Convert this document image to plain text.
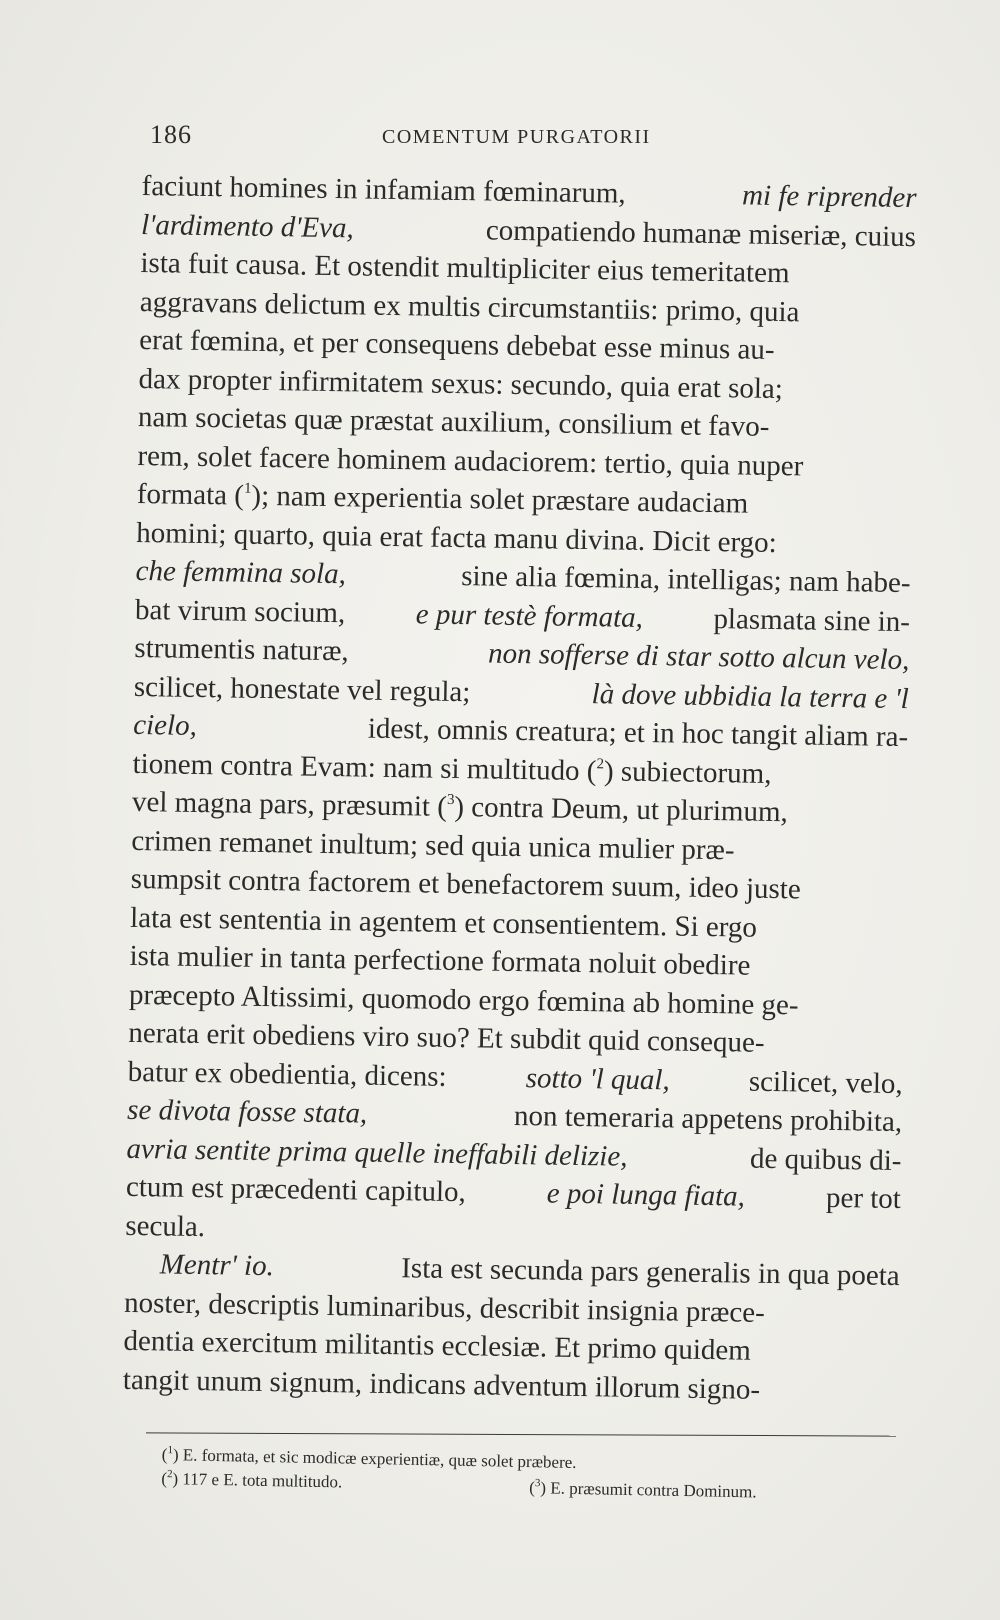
186	COMENTUM PURGATORII
faciunt homines in infamiam fœminarum,	mi fe riprender
l'ardimento d'Eva,	compatiendo humanæ miseriæ, cuius
ista fuit causa. Et ostendit multipliciter eius temeritatem
aggravans delictum ex multis circumstantiis: primo, quia
erat fœmina, et per consequens debebat esse minus au-
dax propter infirmitatem sexus: secundo, quia erat sola;
nam societas quæ præstat auxilium, consilium et favo-
rem, solet facere hominem audaciorem: tertio, quia nuper
formata ($^1$); nam experientia solet præstare audaciam
homini; quarto, quia erat facta manu divina. Dicit ergo:
che femmina sola,	sine alia fœmina, intelligas; nam habe-
bat virum socium, e pur testè formata, plasmata sine in-
strumentis naturæ,	non sofferse di star sotto alcun velo,
scilicet, honestate vel regula;	là dove ubbidia la terra e 'l
cielo,	idest, omnis creatura; et in hoc tangit aliam ra-
tionem contra Evam: nam si multitudo ($^2$) subiectorum,
vel magna pars, præsumit ($^3$) contra Deum, ut plurimum,
crimen remanet inultum; sed quia unica mulier præ-
sumpsit contra factorem et benefactorem suum, ideo juste
lata est sententia in agentem et consentientem. Si ergo
ista mulier in tanta perfectione formata noluit obedire
præcepto Altissimi, quomodo ergo fœmina ab homine ge-
nerata erit obediens viro suo? Et subdit quid conseque-
batur ex obedientia, dicens:	sotto 'l qual,	scilicet, velo,
se divota fosse stata,	non temeraria appetens prohibita,
avria sentite prima quelle ineffabili delizie,	de quibus di-
ctum est præcedenti capitulo,	e poi lunga fiata,	per tot
secula.
Mentr' io.	Ista est secunda pars generalis in qua poeta
noster, descriptis luminaribus, describit insignia præce-
dentia exercitum militantis ecclesiæ. Et primo quidem
tangit unum signum, indicans adventum illorum signo-
($^1$) E. formata, et sic modicæ experientiæ, quæ solet præbere.
($^2$) 117 e E. tota multitudo.	($^3$) E. præsumit contra Dominum.
